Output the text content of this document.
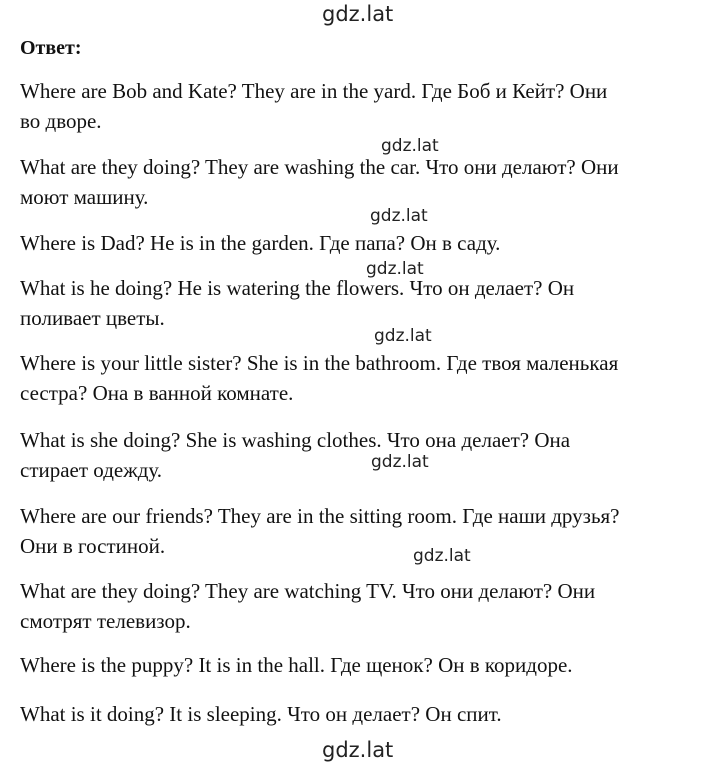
gdz.lat
Ответ:
Where are Bob and Kate? They are in the yard. Где Боб и Кейт? Они
во дворе.
gdz.lat
What are they doing? They are washing the car. Что они делают? Они
моют машину.
gdz.lat
Where is Dad? He is in the garden. Где папа? Он в саду.
gdz.lat
What is he doing? He is watering the flowers. Что он делает? Он
поливает цветы.
gdz.lat
Where is your little sister? She is in the bathroom. Где твоя маленькая
сестра? Она в ванной комнате.
What is she doing? She is washing clothes. Что она делает? Она
стирает одежду.	gdz.lat
Where are our friends? They are in the sitting room. Где наши друзья?
Они в гостиной.	gdz.lat
What are they doing? They are watching TV. Что они делают? Они
смотрят телевизор.
Where is the puppy? It is in the hall. Где щенок? Он в коридоре.
What is it doing? It is sleeping. Что он делает? Он спит.
gdz.lat
